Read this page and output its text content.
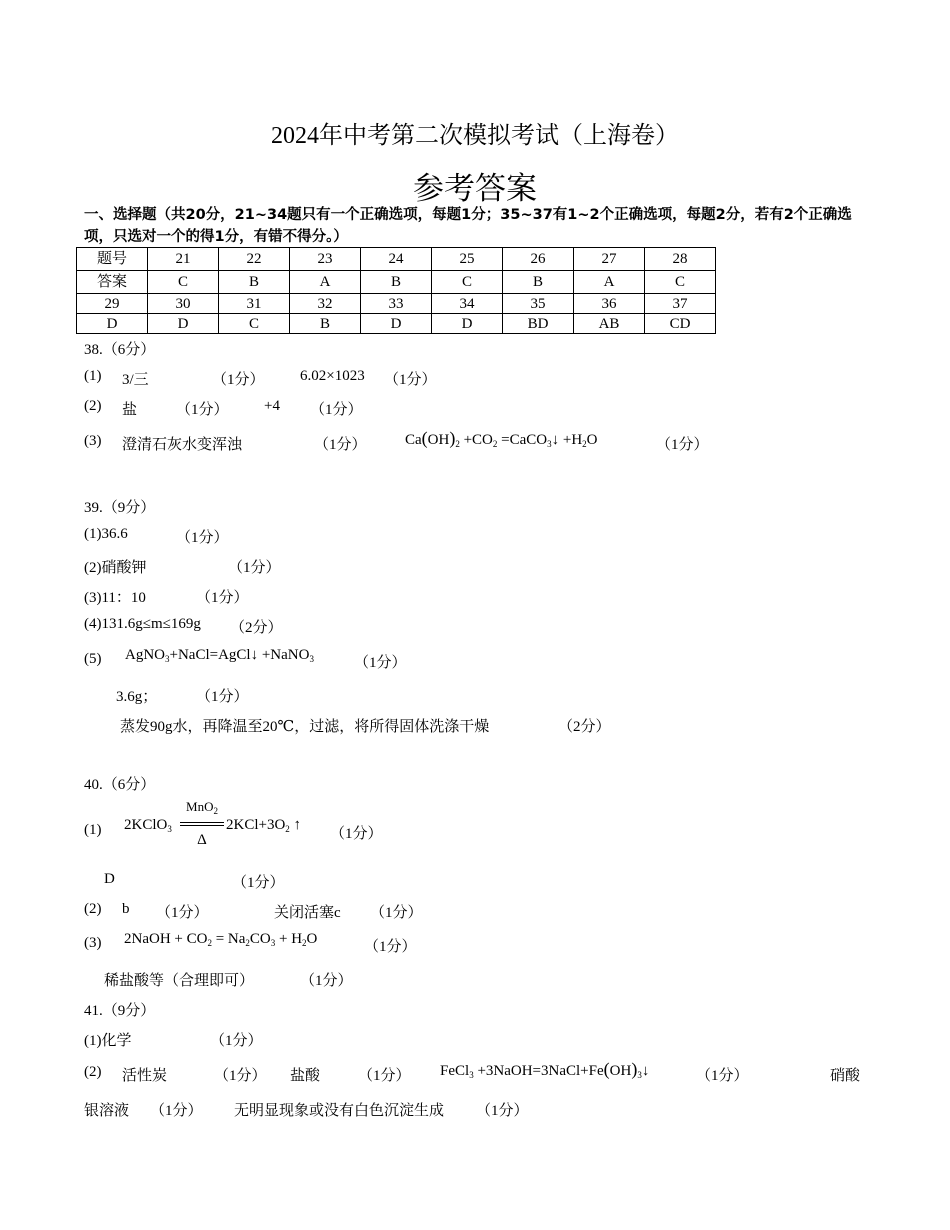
2024年中考第二次模拟考试（上海卷）
参考答案
一、选择题（共20分，21~34题只有一个正确选项，每题1分；35~37有1~2个正确选项，每题2分，若有2个正确选项，只选对一个的得1分，有错不得分。）
题号	21	22	23	24	25	26	27	28
答案	C	B	A	B	C	B	A	C
29	30	31	32	33	34	35	36	37
D	D	C	B	D	D	BD	AB	CD
38.（6分）
(1) 3/三	（1分） 6.02×1023 （1分）
(2) 盐	（1分） +4 （1分）
(3) 澄清石灰水变浑浊	（1分）	$Ca(OH)_2 +CO_2$ =CaCO$_3$↓ $+H_2O$	（1分）
39.（9分）
(1)36.6	（1分）
(2)硝酸钾	（1分）
(3)11：10	（1分）
(4)131.6g≤m≤169g （2分）
(5) AgNO$_3$+NaCl=AgCl↓ +NaNO$_3$	（1分）
3.6g；	（1分）
蒸发90g水，再降温至20℃，过滤，将所得固体洗涤干燥	（2分）
40.（6分）
(1) 2KClO$_3$
MnO$_2$
Δ
$2KCl+3O_2$ ↑
（1分）
D	（1分）
(2) b （1分）	关闭活塞c （1分）
(3) 2NaOH + $CO_2 = Na_2CO_3 + H_2O$	（1分）
稀盐酸等（合理即可）	（1分）
41.（9分）
(1)化学	（1分）
(2) 活性炭	（1分） 盐酸	（1分） FeCl$_3$ $+3NaOH=3NaCl+Fe(OH)_3↓$	（1分）	硝酸
银溶液 （1分） 无明显现象或没有白色沉淀生成 （1分）
